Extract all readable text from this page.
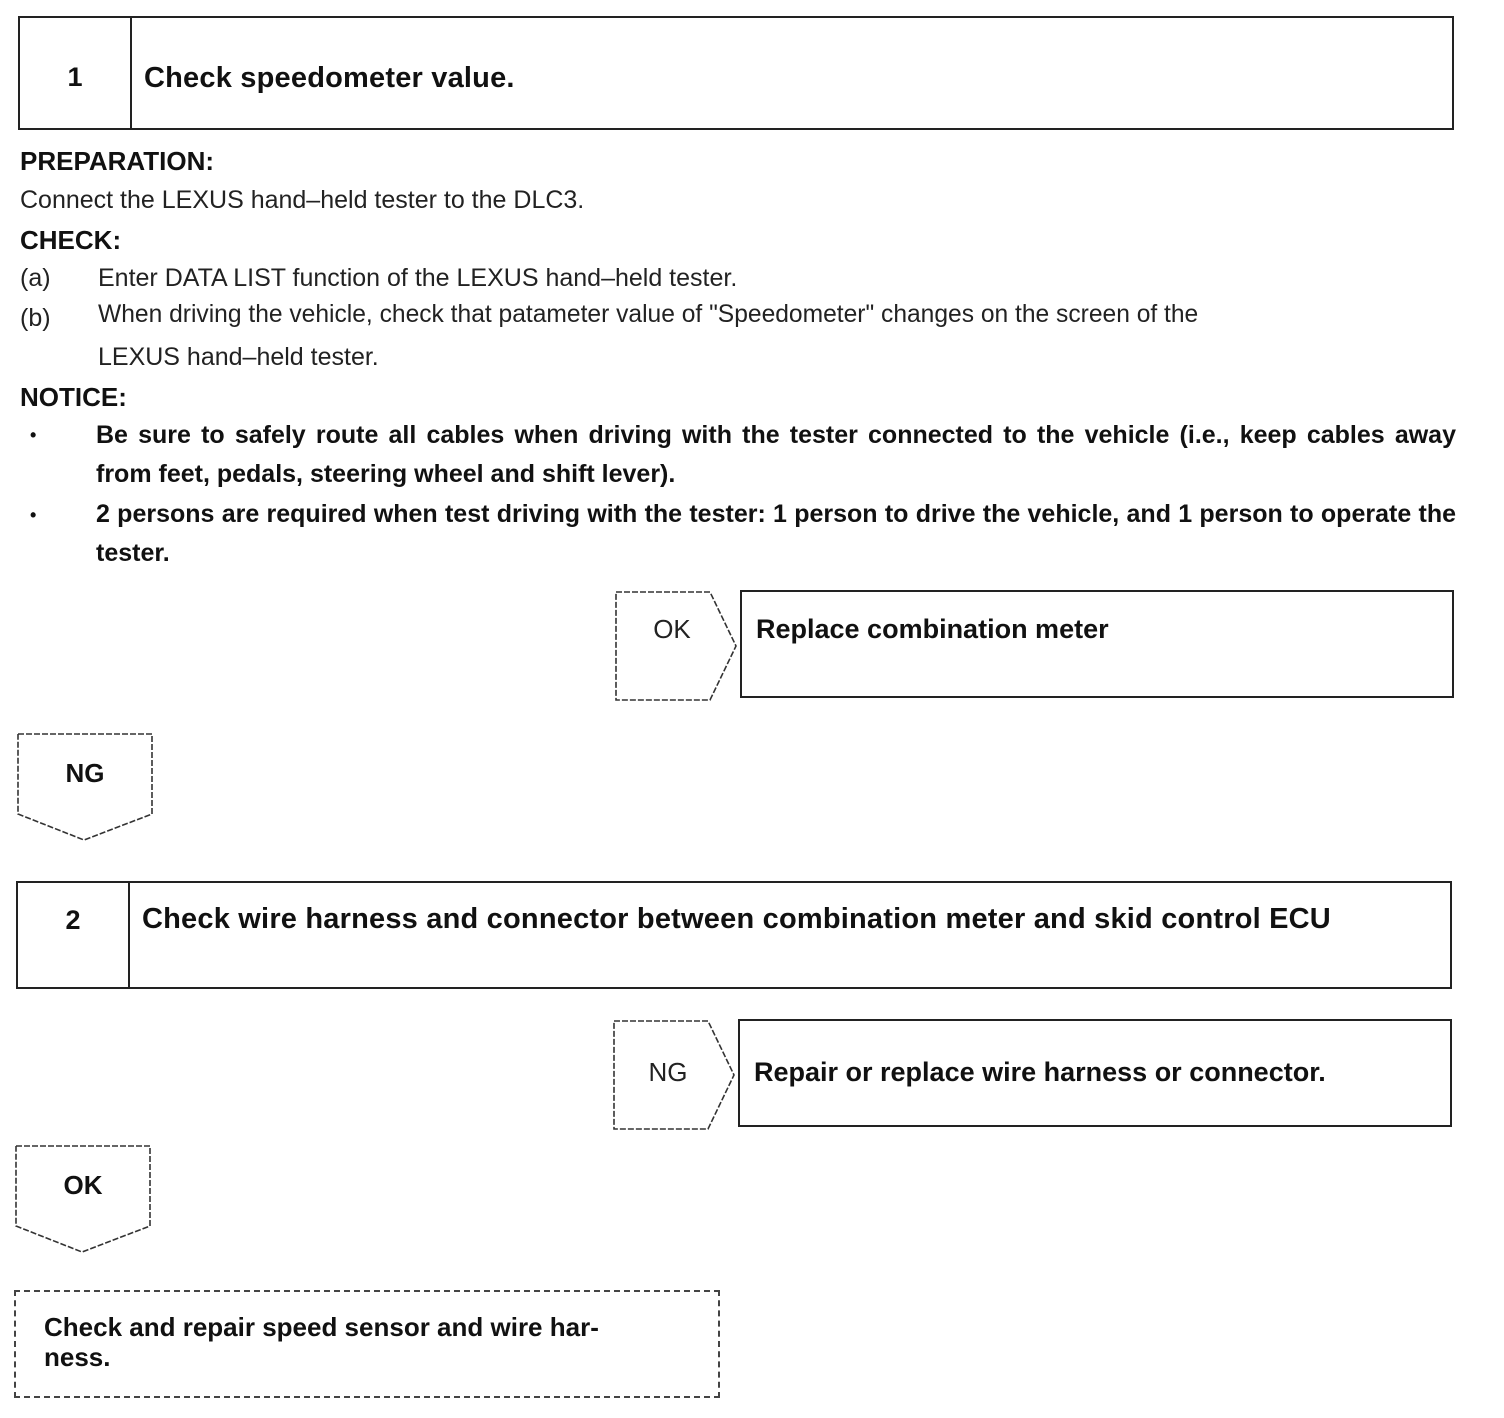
1	Check speedometer value.
PREPARATION:
Connect the LEXUS hand–held tester to the DLC3.
CHECK:
(a) Enter DATA LIST function of the LEXUS hand–held tester.
(b) When driving the vehicle, check that patameter value of "Speedometer" changes on the screen of the
LEXUS hand–held tester.
NOTICE:
• Be sure to safely route all cables when driving with the tester connected to the vehicle (i.e., keep cables away from feet, pedals, steering wheel and shift lever).
• 2 persons are required when test driving with the tester: 1 person to drive the vehicle, and 1 person to operate the tester.
OK	Replace combination meter
NG
2	Check wire harness and connector between combination meter and skid control ECU
NG	Repair or replace wire harness or connector.
OK
Check and repair speed sensor and wire har-
ness.
